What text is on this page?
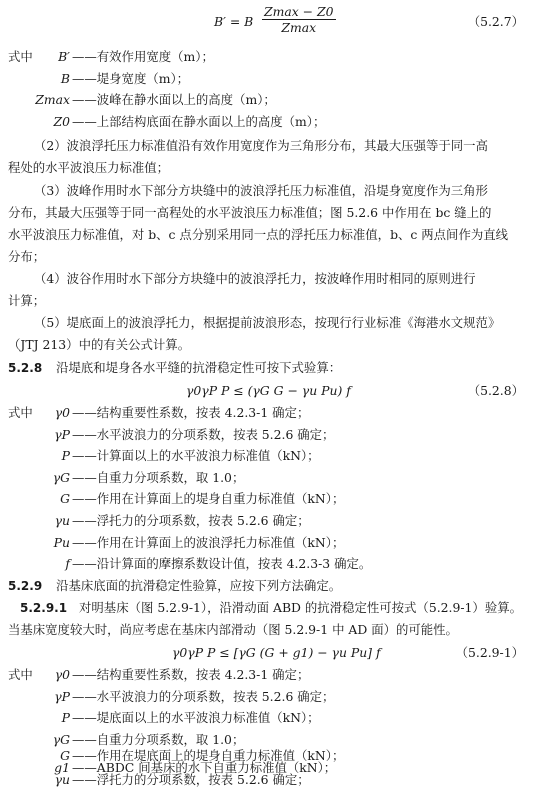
B′ = B
Zmax − Z0
Zmax	（5.2.7）
式中 B′ ——有效作用宽度（m）；
B ——堤身宽度（m）；
Zmax ——波峰在静水面以上的高度（m）；
Z0 ——上部结构底面在静水面以上的高度（m）；
（2）波浪浮托压力标准值沿有效作用宽度作为三角形分布，其最大压强等于同一高
程处的水平波浪压力标准值；
（3）波峰作用时水下部分方块缝中的波浪浮托压力标准值，沿堤身宽度作为三角形
分布，其最大压强等于同一高程处的水平波浪压力标准值；图 5.2.6 中作用在 bc 缝上的
水平波浪压力标准值，对 b、c 点分别采用同一点的浮托压力标准值，b、c 两点间作为直线
分布；
（4）波谷作用时水下部分方块缝中的波浪浮托力，按波峰作用时相同的原则进行
计算；
（5）堤底面上的波浪浮托力，根据提前波浪形态，按现行行业标准《海港水文规范》
（JTJ 213）中的有关公式计算。
5.2.8 沿堤底和堤身各水平缝的抗滑稳定性可按下式验算：
γ0γP P ≤ (γG G − γu Pu) f	（5.2.8）
式中 γ0 ——结构重要性系数，按表 4.2.3-1 确定；
γP ——水平波浪力的分项系数，按表 5.2.6 确定；
P ——计算面以上的水平波浪力标准值（kN）；
γG ——自重力分项系数，取 1.0；
G ——作用在计算面上的堤身自重力标准值（kN）；
γu ——浮托力的分项系数，按表 5.2.6 确定；
Pu ——作用在计算面上的波浪浮托力标准值（kN）；
f ——沿计算面的摩擦系数设计值，按表 4.2.3-3 确定。
5.2.9 沿基床底面的抗滑稳定性验算，应按下列方法确定。
5.2.9.1 对明基床（图 5.2.9-1），沿滑动面 ABD 的抗滑稳定性可按式（5.2.9-1）验算。
当基床宽度较大时，尚应考虑在基床内部滑动（图 5.2.9-1 中 AD 面）的可能性。
γ0γP P ≤ [γG (G + g1) − γu Pu] f	（5.2.9-1）
式中 γ0 ——结构重要性系数，按表 4.2.3-1 确定；
γP ——水平波浪力的分项系数，按表 5.2.6 确定；
P ——堤底面以上的水平波浪力标准值（kN）；
γG ——自重力分项系数，取 1.0；
G ——作用在堤底面上的堤身自重力标准值（kN）；
g1 ——ABDC 间基床的水下自重力标准值（kN）；
γu ——浮托力的分项系数，按表 5.2.6 确定；
